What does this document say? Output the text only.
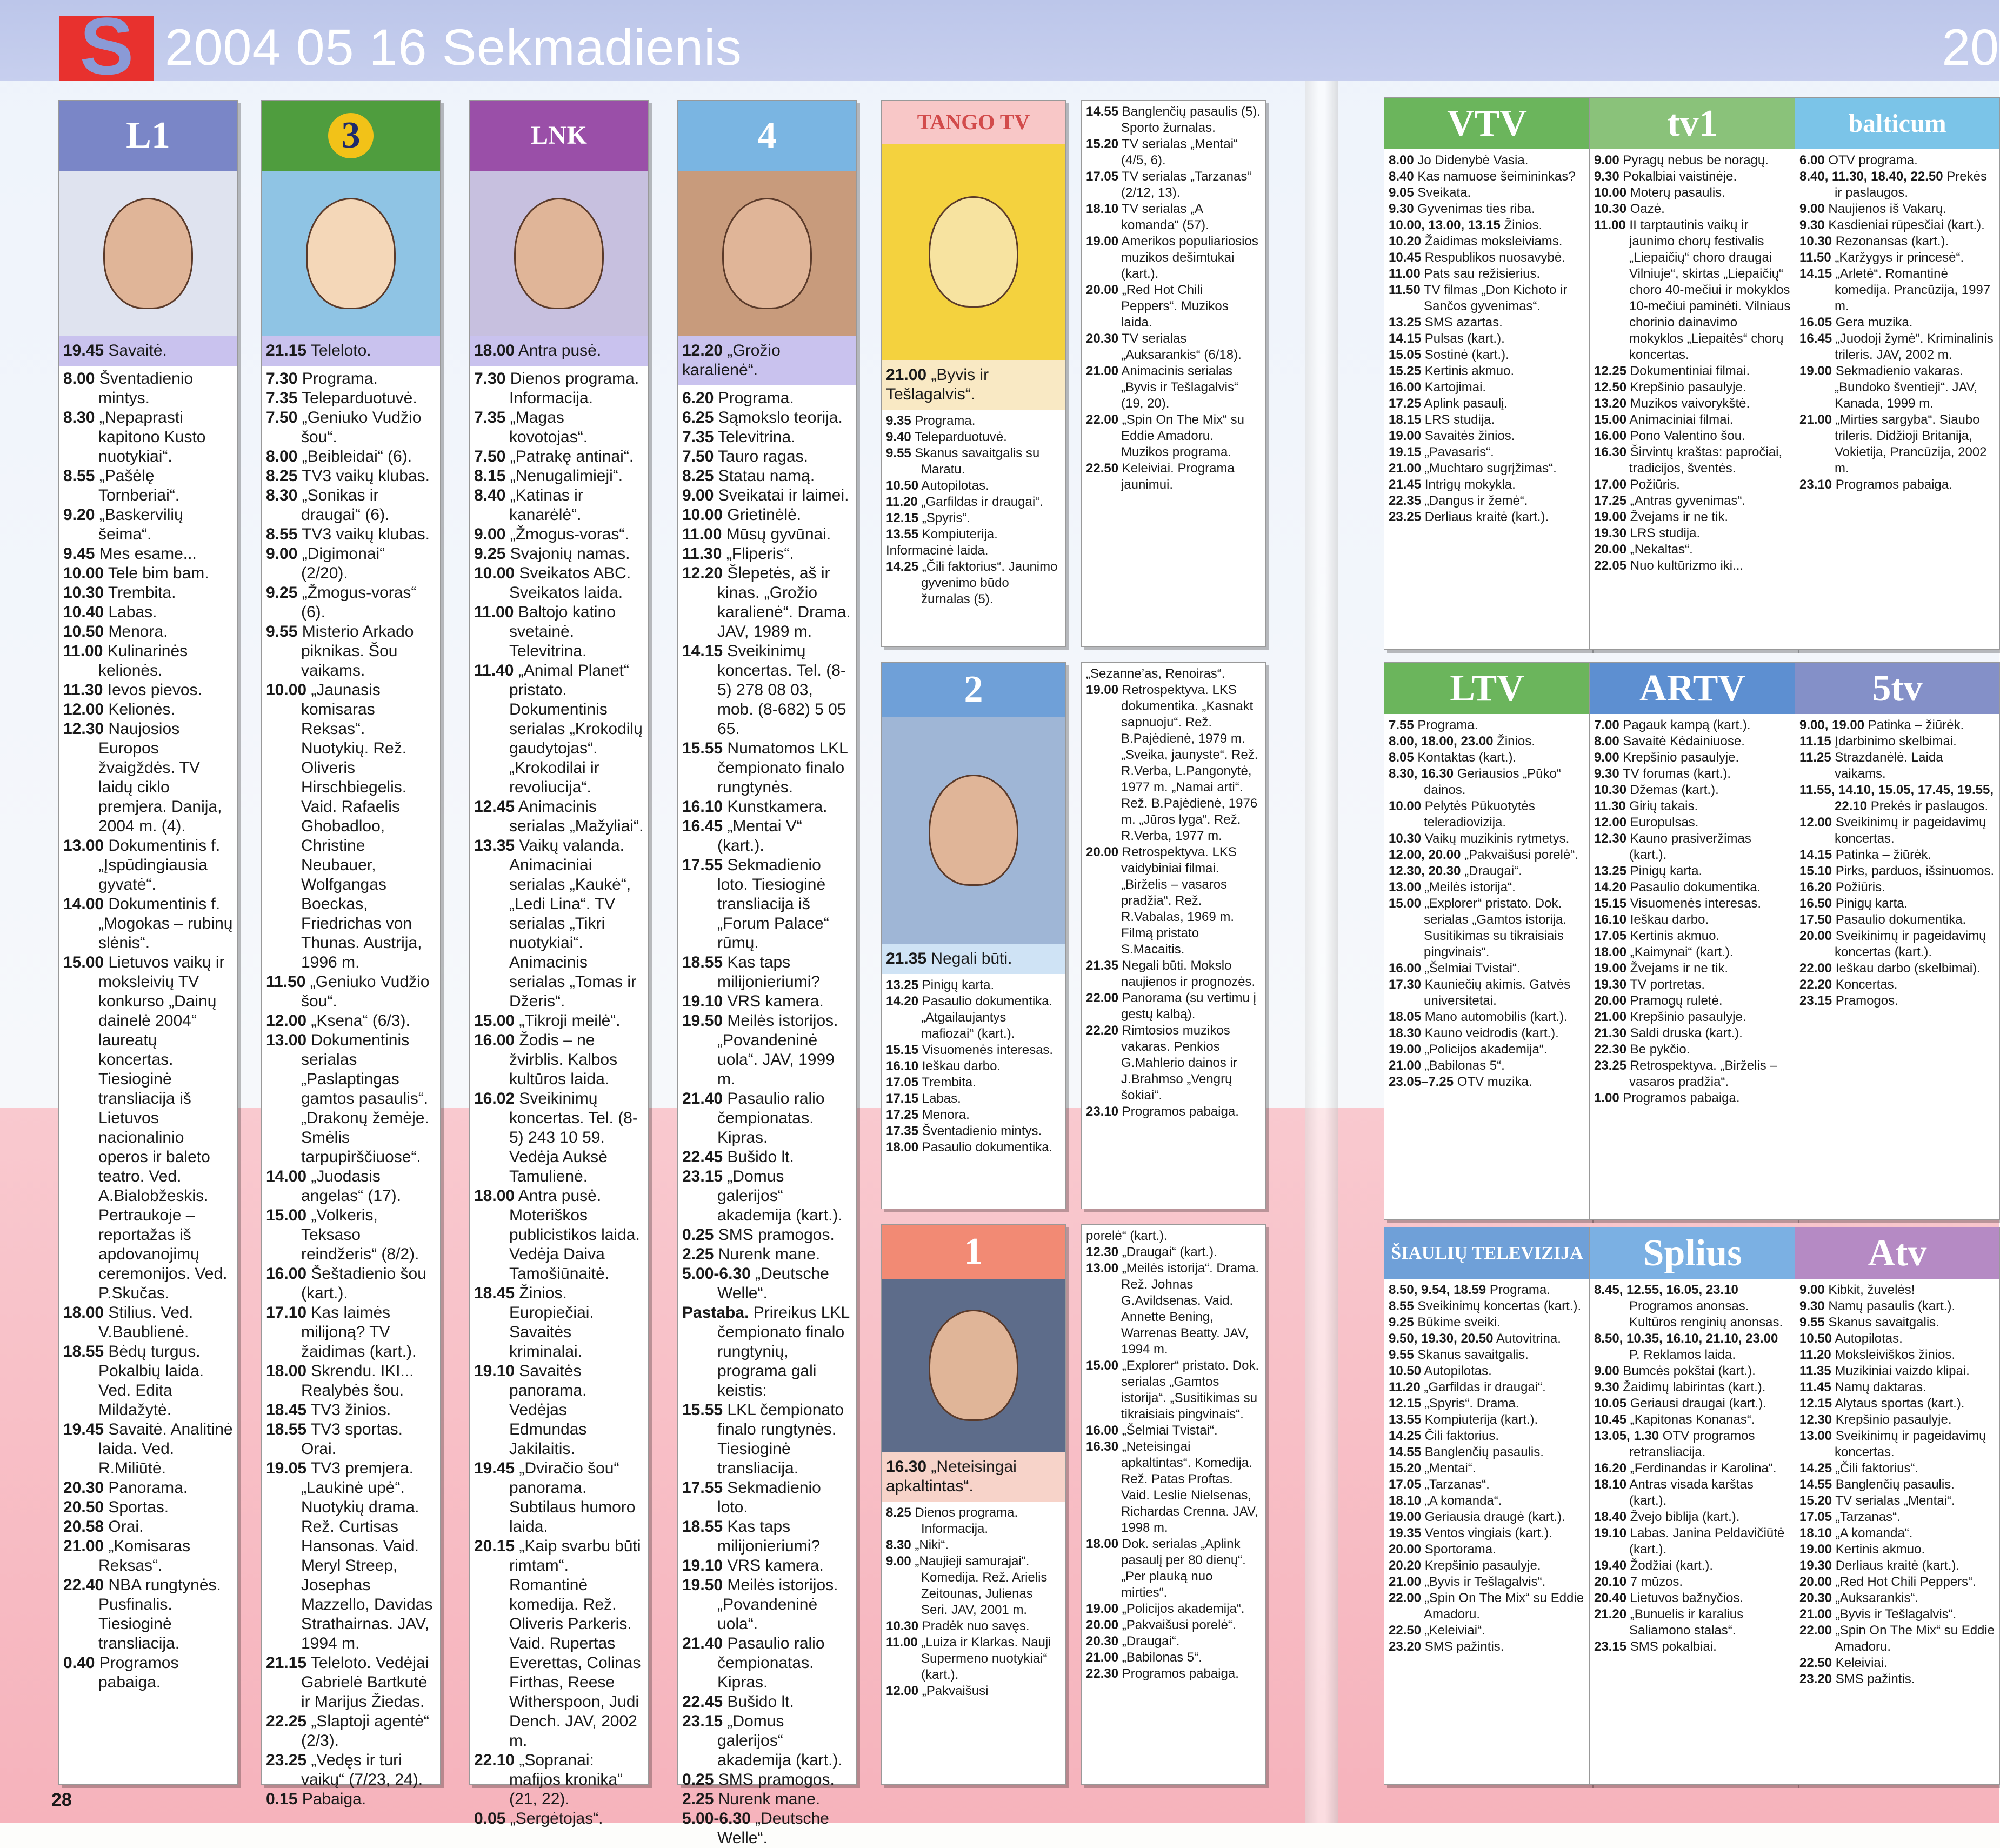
S 2004 05 16 Sekmadienis	20
28
L1
19.45 Savaitė.
8.00 Šventadienio mintys.
8.30 „Nepaprasti kapitono Kusto nuotykiai“.
8.55 „Pašėlę Tornberiai“.
9.20 „Baskervilių šeima“.
9.45 Mes esame...
10.00 Tele bim bam.
10.30 Trembita.
10.40 Labas.
10.50 Menora.
11.00 Kulinarinės kelionės.
11.30 Ievos pievos.
12.00 Kelionės.
12.30 Naujosios Europos žvaigždės. TV laidų ciklo premjera. Danija, 2004 m. (4).
13.00 Dokumentinis f. „Įspūdingiausia gyvatė“.
14.00 Dokumentinis f. „Mogokas – rubinų slėnis“.
15.00 Lietuvos vaikų ir moksleivių TV konkurso „Dainų dainelė 2004“ laureatų koncertas. Tiesioginė transliacija iš Lietuvos nacionalinio operos ir baleto teatro. Ved. A.Bialobžeskis. Pertraukoje – reportažas iš apdovanojimų ceremonijos. Ved. P.Skučas.
18.00 Stilius. Ved. V.Baublienė.
18.55 Bėdų turgus. Pokalbių laida. Ved. Edita Mildažytė.
19.45 Savaitė. Analitinė laida. Ved. R.Miliūtė.
20.30 Panorama.
20.50 Sportas.
20.58 Orai.
21.00 „Komisaras Reksas“.
22.40 NBA rungtynės. Pusfinalis. Tiesioginė transliacija.
0.40 Programos pabaiga.
3
21.15 Teleloto.
7.30 Programa.
7.35 Teleparduotuvė.
7.50 „Geniuko Vudžio šou“.
8.00 „Beibleidai“ (6).
8.25 TV3 vaikų klubas.
8.30 „Sonikas ir draugai“ (6).
8.55 TV3 vaikų klubas.
9.00 „Digimonai“ (2/20).
9.25 „Žmogus-voras“ (6).
9.55 Misterio Arkado piknikas. Šou vaikams.
10.00 „Jaunasis komisaras Reksas“. Nuotykių. Rež. Oliveris Hirschbiegelis. Vaid. Rafaelis Ghobadloo, Christine Neubauer, Wolfgangas Boeckas, Friedrichas von Thunas. Austrija, 1996 m.
11.50 „Geniuko Vudžio šou“.
12.00 „Ksena“ (6/3).
13.00 Dokumentinis serialas „Paslaptingas gamtos pasaulis“. „Drakonų žemėje. Smėlis tarpupirščiuose“.
14.00 „Juodasis angelas“ (17).
15.00 „Volkeris, Teksaso reindžeris“ (8/2).
16.00 Šeštadienio šou (kart.).
17.10 Kas laimės milijoną? TV žaidimas (kart.).
18.00 Skrendu. IKI... Realybės šou.
18.45 TV3 žinios.
18.55 TV3 sportas. Orai.
19.05 TV3 premjera. „Laukinė upė“. Nuotykių drama. Rež. Curtisas Hansonas. Vaid. Meryl Streep, Josephas Mazzello, Davidas Strathairnas. JAV, 1994 m.
21.15 Teleloto. Vedėjai Gabrielė Bartkutė ir Marijus Žiedas.
22.25 „Slaptoji agentė“ (2/3).
23.25 „Vedęs ir turi vaikų“ (7/23, 24).
0.15 Pabaiga.
LNK
18.00 Antra pusė.
7.30 Dienos programa. Informacija.
7.35 „Magas kovotojas“.
7.50 „Patrakę antinai“.
8.15 „Nenugalimieji“.
8.40 „Katinas ir kanarėlė“.
9.00 „Žmogus-voras“.
9.25 Svajonių namas.
10.00 Sveikatos ABC. Sveikatos laida.
11.00 Baltojo katino svetainė. Televitrina.
11.40 „Animal Planet“ pristato. Dokumentinis serialas „Krokodilų gaudytojas“. „Krokodilai ir revoliucija“.
12.45 Animacinis serialas „Mažyliai“.
13.35 Vaikų valanda. Animaciniai serialas „Kaukė“, „Ledi Lina“. TV serialas „Tikri nuotykiai“. Animacinis serialas „Tomas ir Džeris“.
15.00 „Tikroji meilė“.
16.00 Žodis – ne žvirblis. Kalbos kultūros laida.
16.02 Sveikinimų koncertas. Tel. (8-5) 243 10 59. Vedėja Auksė Tamulienė.
18.00 Antra pusė. Moteriškos publicistikos laida. Vedėja Daiva Tamošiūnaitė.
18.45 Žinios. Europiečiai. Savaitės kriminalai.
19.10 Savaitės panorama. Vedėjas Edmundas Jakilaitis.
19.45 „Dviračio šou“ panorama. Subtilaus humoro laida.
20.15 „Kaip svarbu būti rimtam“. Romantinė komedija. Rež. Oliveris Parkeris. Vaid. Rupertas Everettas, Colinas Firthas, Reese Witherspoon, Judi Dench. JAV, 2002 m.
22.10 „Sopranai: mafijos kronika“ (21, 22).
0.05 „Sergėtojas“.
4
12.20 „Grožio karalienė“.
6.20 Programa.
6.25 Sąmokslo teorija.
7.35 Televitrina.
7.50 Tauro ragas.
8.25 Statau namą.
9.00 Sveikatai ir laimei.
10.00 Grietinėlė.
11.00 Mūsų gyvūnai.
11.30 „Fliperis“.
12.20 Šlepetės, aš ir kinas. „Grožio karalienė“. Drama. JAV, 1989 m.
14.15 Sveikinimų koncertas. Tel. (8-5) 278 08 03, mob. (8-682) 5 05 65.
15.55 Numatomos LKL čempionato finalo rungtynės.
16.10 Kunstkamera.
16.45 „Mentai V“ (kart.).
17.55 Sekmadienio loto. Tiesioginė transliacija iš „Forum Palace“ rūmų.
18.55 Kas taps milijonieriumi?
19.10 VRS kamera.
19.50 Meilės istorijos. „Povandeninė uola“. JAV, 1999 m.
21.40 Pasaulio ralio čempionatas. Kipras.
22.45 Bušido lt.
23.15 „Domus galerijos“ akademija (kart.).
0.25 SMS pramogos.
2.25 Nurenk mane.
5.00-6.30 „Deutsche Welle“.
Pastaba. Prireikus LKL čempionato finalo rungtynių, programa gali keistis:
15.55 LKL čempionato finalo rungtynės. Tiesioginė transliacija.
17.55 Sekmadienio loto.
18.55 Kas taps milijonieriumi?
19.10 VRS kamera.
19.50 Meilės istorijos. „Povandeninė uola“.
21.40 Pasaulio ralio čempionatas. Kipras.
22.45 Bušido lt.
23.15 „Domus galerijos“ akademija (kart.).
0.25 SMS pramogos.
2.25 Nurenk mane.
5.00-6.30 „Deutsche Welle“.
TANGO TV
21.00 „Byvis ir Tešlagalvis“.
9.35 Programa.
9.40 Teleparduotuvė.
9.55 Skanus savaitgalis su Maratu.
10.50 Autopilotas.
11.20 „Garfildas ir draugai“.
12.15 „Spyris“.
13.55 Kompiuterija.
Informacinė laida.
14.25 „Čili faktorius“. Jaunimo gyvenimo būdo žurnalas (5).
14.55 Banglenčių pasaulis (5). Sporto žurnalas.
15.20 TV serialas „Mentai“ (4/5, 6).
17.05 TV serialas „Tarzanas“ (2/12, 13).
18.10 TV serialas „A komanda“ (57).
19.00 Amerikos populiariosios muzikos dešimtukai (kart.).
20.00 „Red Hot Chili Peppers“. Muzikos laida.
20.30 TV serialas „Auksarankis“ (6/18).
21.00 Animacinis serialas „Byvis ir Tešlagalvis“ (19, 20).
22.00 „Spin On The Mix“ su Eddie Amadoru. Muzikos programa.
22.50 Keleiviai. Programa jaunimui.
2
21.35 Negali būti.
13.25 Pinigų karta.
14.20 Pasaulio dokumentika. „Atgailaujantys mafiozai“ (kart.).
15.15 Visuomenės interesas.
16.10 Ieškau darbo.
17.05 Trembita.
17.15 Labas.
17.25 Menora.
17.35 Šventadienio mintys.
18.00 Pasaulio dokumentika.
„Sezanne’as, Renoiras“.
19.00 Retrospektyva. LKS dokumentika. „Kasnakt sapnuoju“. Rež. B.Pajėdienė, 1979 m. „Sveika, jaunyste“. Rež. R.Verba, L.Pangonytė, 1977 m. „Namai arti“. Rež. B.Pajėdienė, 1976 m. „Jūros lyga“. Rež. R.Verba, 1977 m.
20.00 Retrospektyva. LKS vaidybiniai filmai. „Birželis – vasaros pradžia“. Rež. R.Vabalas, 1969 m. Filmą pristato S.Macaitis.
21.35 Negali būti. Mokslo naujienos ir prognozės.
22.00 Panorama (su vertimu į gestų kalbą).
22.20 Rimtosios muzikos vakaras. Penkios G.Mahlerio dainos ir J.Brahmso „Vengrų šokiai“.
23.10 Programos pabaiga.
1
16.30 „Neteisingai apkaltintas“.
8.25 Dienos programa. Informacija.
8.30 „Niki“.
9.00 „Naujieji samurajai“. Komedija. Rež. Arielis Zeitounas, Julienas Seri. JAV, 2001 m.
10.30 Pradėk nuo savęs.
11.00 „Luiza ir Klarkas. Nauji Supermeno nuotykiai“ (kart.).
12.00 „Pakvaišusi
porelė“ (kart.).
12.30 „Draugai“ (kart.).
13.00 „Meilės istorija“. Drama. Rež. Johnas G.Avildsenas. Vaid. Annette Bening, Warrenas Beatty. JAV, 1994 m.
15.00 „Explorer“ pristato. Dok. serialas „Gamtos istorija“. „Susitikimas su tikraisiais pingvinais“.
16.00 „Šelmiai Tvistai“.
16.30 „Neteisingai apkaltintas“. Komedija. Rež. Patas Proftas. Vaid. Leslie Nielsenas, Richardas Crenna. JAV, 1998 m.
18.00 Dok. serialas „Aplink pasaulį per 80 dienų“. „Per plauką nuo mirties“.
19.00 „Policijos akademija“.
20.00 „Pakvaišusi porelė“.
20.30 „Draugai“.
21.00 „Babilonas 5“.
22.30 Programos pabaiga.
VTV
8.00 Jo Didenybė Vasia.
8.40 Kas namuose šeimininkas?
9.05 Sveikata.
9.30 Gyvenimas ties riba.
10.00, 13.00, 13.15 Žinios.
10.20 Žaidimas moksleiviams.
10.45 Respublikos nuosavybė.
11.00 Pats sau režisierius.
11.50 TV filmas „Don Kichoto ir Sančos gyvenimas“.
13.25 SMS azartas.
14.15 Pulsas (kart.).
15.05 Sostinė (kart.).
15.25 Kertinis akmuo.
16.00 Kartojimai.
17.25 Aplink pasaulį.
18.15 LRS studija.
19.00 Savaitės žinios.
19.15 „Pavasaris“.
21.00 „Muchtaro sugrįžimas“.
21.45 Intrigų mokykla.
22.35 „Dangus ir žemė“.
23.25 Derliaus kraitė (kart.).
tv1
9.00 Pyragų nebus be noragų.
9.30 Pokalbiai vaistinėje.
10.00 Moterų pasaulis.
10.30 Oazė.
11.00 II tarptautinis vaikų ir jaunimo chorų festivalis „Liepaičių“ choro draugai Vilniuje“, skirtas „Liepaičių“ choro 40-mečiui ir mokyklos 10-mečiui paminėti. Vilniaus chorinio dainavimo mokyklos „Liepaitės“ chorų koncertas.
12.25 Dokumentiniai filmai.
12.50 Krepšinio pasaulyje.
13.20 Muzikos vaivorykštė.
15.00 Animaciniai filmai.
16.00 Pono Valentino šou.
16.30 Širvintų kraštas: papročiai, tradicijos, šventės.
17.00 Požiūris.
17.25 „Antras gyvenimas“.
19.00 Žvejams ir ne tik.
19.30 LRS studija.
20.00 „Nekaltas“.
22.05 Nuo kultūrizmo iki...
balticum
6.00 OTV programa.
8.40, 11.30, 18.40, 22.50 Prekės ir paslaugos.
9.00 Naujienos iš Vakarų.
9.30 Kasdieniai rūpesčiai (kart.).
10.30 Rezonansas (kart.).
11.50 „Karžygys ir princesė“.
14.15 „Arletė“. Romantinė komedija. Prancūzija, 1997 m.
16.05 Gera muzika.
16.45 „Juodoji žymė“. Kriminalinis trileris. JAV, 2002 m.
19.00 Sekmadienio vakaras. „Bundoko šventieji“. JAV, Kanada, 1999 m.
21.00 „Mirties sargyba“. Siaubo trileris. Didžioji Britanija, Vokietija, Prancūzija, 2002 m.
23.10 Programos pabaiga.
LTV
7.55 Programa.
8.00, 18.00, 23.00 Žinios.
8.05 Kontaktas (kart.).
8.30, 16.30 Geriausios „Pūko“ dainos.
10.00 Pelytės Pūkuotytės teleradiovizija.
10.30 Vaikų muzikinis rytmetys.
12.00, 20.00 „Pakvaišusi porelė“.
12.30, 20.30 „Draugai“.
13.00 „Meilės istorija“.
15.00 „Explorer“ pristato. Dok. serialas „Gamtos istorija. Susitikimas su tikraisiais pingvinais“.
16.00 „Šelmiai Tvistai“.
17.30 Kauniečių akimis. Gatvės universitetai.
18.05 Mano automobilis (kart.).
18.30 Kauno veidrodis (kart.).
19.00 „Policijos akademija“.
21.00 „Babilonas 5“.
23.05–7.25 OTV muzika.
ARTV
7.00 Pagauk kampą (kart.).
8.00 Savaitė Kėdainiuose.
9.00 Krepšinio pasaulyje.
9.30 TV forumas (kart.).
10.30 Džemas (kart.).
11.30 Girių takais.
12.00 Europulsas.
12.30 Kauno prasiveržimas (kart.).
13.25 Pinigų karta.
14.20 Pasaulio dokumentika.
15.15 Visuomenės interesas.
16.10 Ieškau darbo.
17.05 Kertinis akmuo.
18.00 „Kaimynai“ (kart.).
19.00 Žvejams ir ne tik.
19.30 TV portretas.
20.00 Pramogų ruletė.
21.00 Krepšinio pasaulyje.
21.30 Saldi druska (kart.).
22.30 Be pykčio.
23.25 Retrospektyva. „Birželis – vasaros pradžia“.
1.00 Programos pabaiga.
5tv
9.00, 19.00 Patinka – žiūrėk.
11.15 Įdarbinimo skelbimai.
11.25 Strazdanėlė. Laida vaikams.
11.55, 14.10, 15.05, 17.45, 19.55, 22.10 Prekės ir paslaugos.
12.00 Sveikinimų ir pageidavimų koncertas.
14.15 Patinka – žiūrėk.
15.10 Pirks, parduos, išsinuomos.
16.20 Požiūris.
16.50 Pinigų karta.
17.50 Pasaulio dokumentika.
20.00 Sveikinimų ir pageidavimų koncertas (kart.).
22.00 Ieškau darbo (skelbimai).
22.20 Koncertas.
23.15 Pramogos.
ŠIAULIŲ TELEVIZIJA
8.50, 9.54, 18.59 Programa.
8.55 Sveikinimų koncertas (kart.).
9.25 Būkime sveiki.
9.50, 19.30, 20.50 Autovitrina.
9.55 Skanus savaitgalis.
10.50 Autopilotas.
11.20 „Garfildas ir draugai“.
12.15 „Spyris“. Drama.
13.55 Kompiuterija (kart.).
14.25 Čili faktorius.
14.55 Banglenčių pasaulis.
15.20 „Mentai“.
17.05 „Tarzanas“.
18.10 „A komanda“.
19.00 Geriausia draugė (kart.).
19.35 Ventos vingiais (kart.).
20.00 Sportorama.
20.20 Krepšinio pasaulyje.
21.00 „Byvis ir Tešlagalvis“.
22.00 „Spin On The Mix“ su Eddie Amadoru.
22.50 „Keleiviai“.
23.20 SMS pažintis.
Splius
8.45, 12.55, 16.05, 23.10 Programos anonsas. Kultūros renginių anonsas.
8.50, 10.35, 16.10, 21.10, 23.00 P. Reklamos laida.
9.00 Bumcės pokštai (kart.).
9.30 Žaidimų labirintas (kart.).
10.05 Geriausi draugai (kart.).
10.45 „Kapitonas Konanas“.
13.05, 1.30 OTV programos retransliacija.
16.20 „Ferdinandas ir Karolina“.
18.10 Antras visada karštas (kart.).
18.40 Žvejo biblija (kart.).
19.10 Labas. Janina Peldavičiūtė (kart.).
19.40 Žodžiai (kart.).
20.10 7 mūzos.
20.40 Lietuvos bažnyčios.
21.20 „Bunuelis ir karalius Saliamono stalas“.
23.15 SMS pokalbiai.
Atv
9.00 Kibkit, žuvelės!
9.30 Namų pasaulis (kart.).
9.55 Skanus savaitgalis.
10.50 Autopilotas.
11.20 Moksleiviškos žinios.
11.35 Muzikiniai vaizdo klipai.
11.45 Namų daktaras.
12.15 Alytaus sportas (kart.).
12.30 Krepšinio pasaulyje.
13.00 Sveikinimų ir pageidavimų koncertas.
14.25 „Čili faktorius“.
14.55 Banglenčių pasaulis.
15.20 TV serialas „Mentai“.
17.05 „Tarzanas“.
18.10 „A komanda“.
19.00 Kertinis akmuo.
19.30 Derliaus kraitė (kart.).
20.00 „Red Hot Chili Peppers“.
20.30 „Auksarankis“.
21.00 „Byvis ir Tešlagalvis“.
22.00 „Spin On The Mix“ su Eddie Amadoru.
22.50 Keleiviai.
23.20 SMS pažintis.
